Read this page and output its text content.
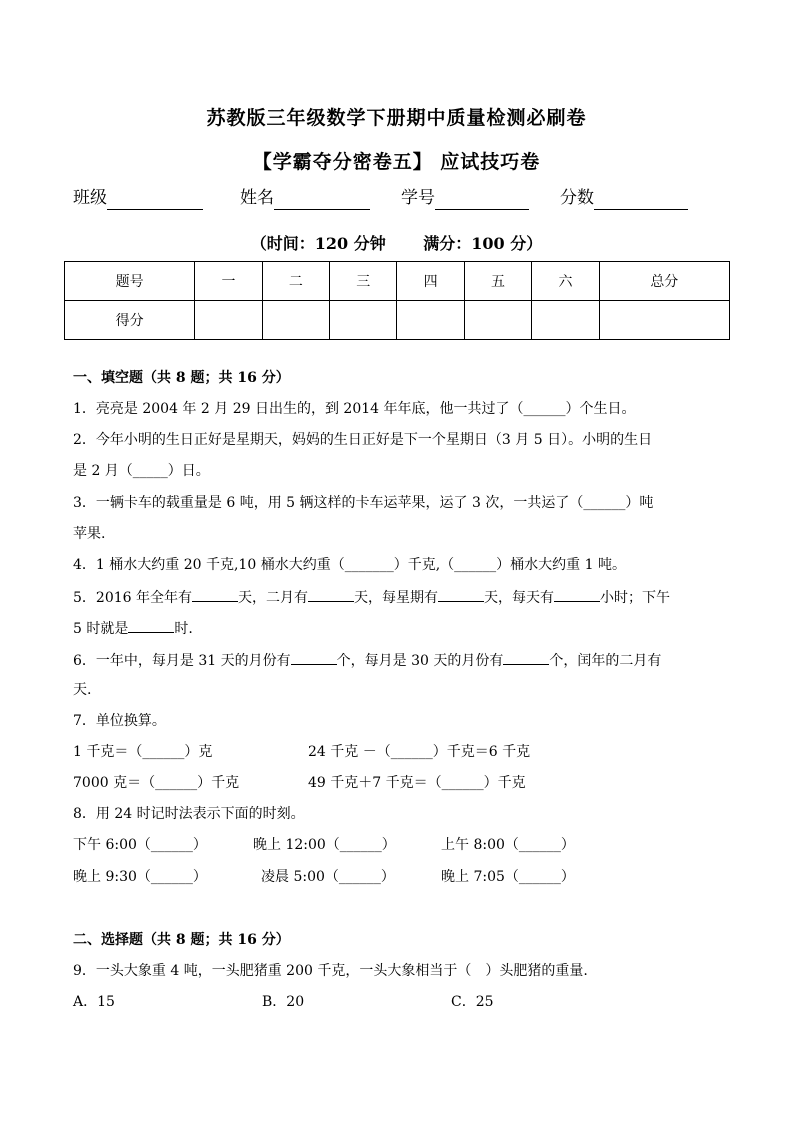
苏教版三年级数学下册期中质量检测必刷卷
【学霸夺分密卷五】 应试技巧卷
班级	姓名	学号	分数
（时间：120 分钟　　 满分：100 分）
题号	一	二	三	四	五	六	总分
得分							
一、填空题（共 8 题；共 16 分）
1．亮亮是 2004 年 2 月 29 日出生的，到 2014 年年底，他一共过了（______）个生日。
2．今年小明的生日正好是星期天，妈妈的生日正好是下一个星期日（3 月 5 日）。小明的生日
是 2 月（_____）日。
3．一辆卡车的载重量是 6 吨，用 5 辆这样的卡车运苹果，运了 3 次，一共运了（______）吨
苹果.
4．1 桶水大约重 20 千克,10 桶水大约重（_______）千克,（______）桶水大约重 1 吨。
5．2016 年全年有	天，二月有	天，每星期有	天，每天有	小时；下午
5 时就是	时.
6．一年中，每月是 31 天的月份有	个，每月是 30 天的月份有	个，闰年的二月有
天.
7．单位换算。
1 千克＝（______）克	24 千克 －（______）千克＝6 千克
7000 克＝（______）千克	49 千克＋7 千克＝（______）千克
8．用 24 时记时法表示下面的时刻。
下午 6:00（______）	晚上 12:00（______）	上午 8:00（______）
晚上 9:30（______）	凌晨 5:00（______）	晚上 7:05（______）
二、选择题（共 8 题；共 16 分）
9．一头大象重 4 吨，一头肥猪重 200 千克，一头大象相当于（　）头肥猪的重量.
A．15	B．20	C．25
